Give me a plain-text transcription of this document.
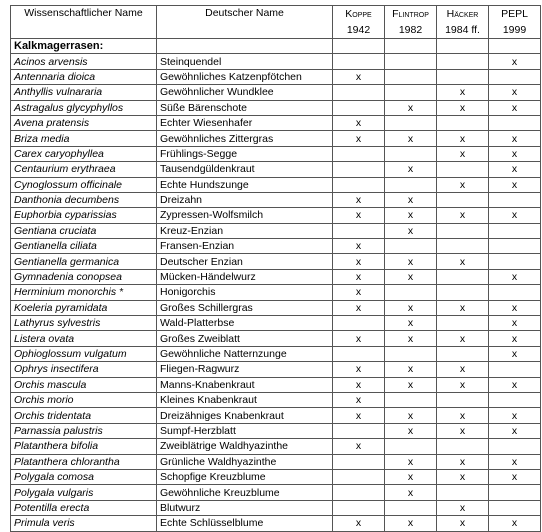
Wissenschaftlicher Name	Deutscher Name	Koppe	Flintrop	Häcker	PEPL
		1942	1982	1984 ff.	1999
Kalkmagerrasen:					
Acinos arvensis	Steinquendel				x
Antennaria dioica	Gewöhnliches Katzenpfötchen	x			
Anthyllis vulnararia	Gewöhnlicher Wundklee			x	x
Astragalus glycyphyllos	Süße Bärenschote		x	x	x
Avena pratensis	Echter Wiesenhafer	x			
Briza media	Gewöhnliches Zittergras	x	x	x	x
Carex caryophyllea	Frühlings-Segge			x	x
Centaurium erythraea	Tausendgüldenkraut		x		x
Cynoglossum officinale	Echte Hundszunge			x	x
Danthonia decumbens	Dreizahn	x	x		
Euphorbia cyparissias	Zypressen-Wolfsmilch	x	x	x	x
Gentiana cruciata	Kreuz-Enzian		x		
Gentianella ciliata	Fransen-Enzian	x			
Gentianella germanica	Deutscher Enzian	x	x	x	
Gymnadenia conopsea	Mücken-Händelwurz	x	x		x
Herminium monorchis *	Honigorchis	x			
Koeleria pyramidata	Großes Schillergras	x	x	x	x
Lathyrus sylvestris	Wald-Platterbse		x		x
Listera ovata	Großes Zweiblatt	x	x	x	x
Ophioglossum vulgatum	Gewöhnliche Natternzunge				x
Ophrys insectifera	Fliegen-Ragwurz	x	x	x	
Orchis mascula	Manns-Knabenkraut	x	x	x	x
Orchis morio	Kleines Knabenkraut	x			
Orchis tridentata	Dreizähniges Knabenkraut	x	x	x	x
Parnassia palustris	Sumpf-Herzblatt		x	x	x
Platanthera bifolia	Zweiblätrige Waldhyazinthe	x			
Platanthera chlorantha	Grünliche Waldhyazinthe		x	x	x
Polygala comosa	Schopfige Kreuzblume		x	x	x
Polygala vulgaris	Gewöhnliche Kreuzblume		x		
Potentilla erecta	Blutwurz			x	
Primula veris	Echte Schlüsselblume	x	x	x	x
